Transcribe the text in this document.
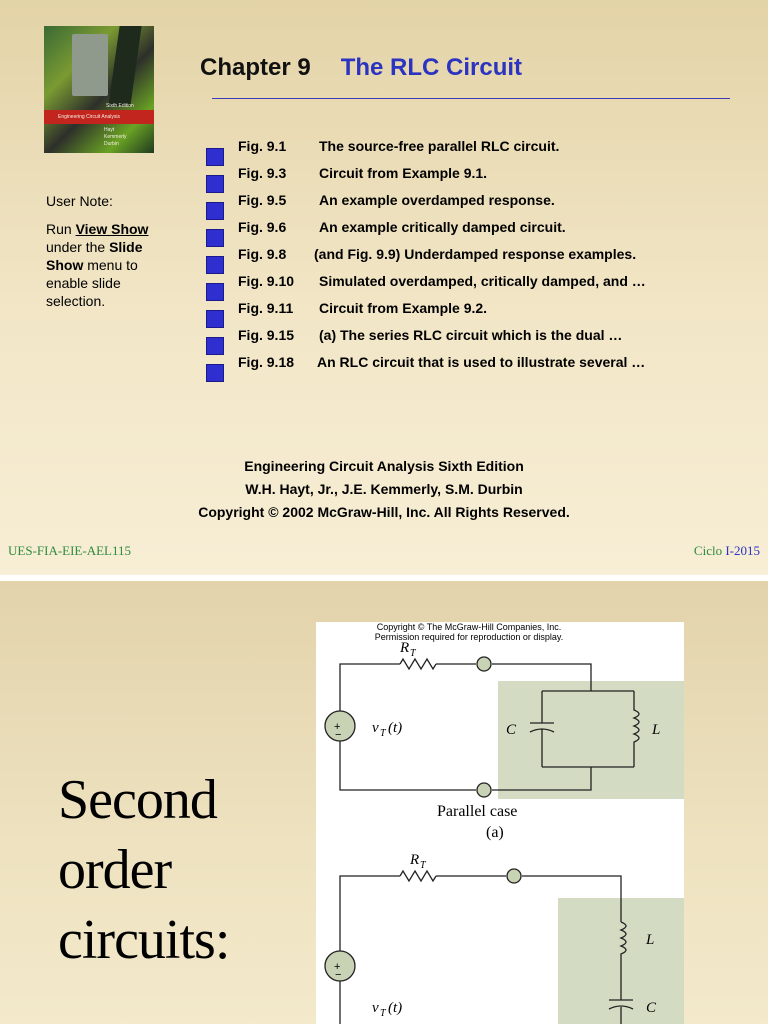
Sixth Edition
Engineering Circuit Analysis
Hayt
Kemmerly
Durbin
Chapter 9 The RLC Circuit
User Note:
Run View Show under the Slide Show menu to enable slide selection.
Fig. 9.1 The source-free parallel RLC circuit.
Fig. 9.3 Circuit from Example 9.1.
Fig. 9.5 An example overdamped response.
Fig. 9.6 An example critically damped circuit.
Fig. 9.8 (and Fig. 9.9) Underdamped response examples.
Fig. 9.10 Simulated overdamped, critically damped, and …
Fig. 9.11 Circuit from Example 9.2.
Fig. 9.15 (a) The series RLC circuit which is the dual …
Fig. 9.18 An RLC circuit that is used to illustrate several …
Engineering Circuit Analysis Sixth Edition
W.H. Hayt, Jr., J.E. Kemmerly, S.M. Durbin
Copyright © 2002 McGraw-Hill, Inc. All Rights Reserved.
UES-FIA-EIE-AEL115	Ciclo I-2015
Second
order
circuits:
Copyright © The McGraw-Hill Companies, Inc.
Permission required for reproduction or display.
R T
v T (t)	C	L
R T
v T (t)
L
C
+
−
+
−
Parallel case
(a)
